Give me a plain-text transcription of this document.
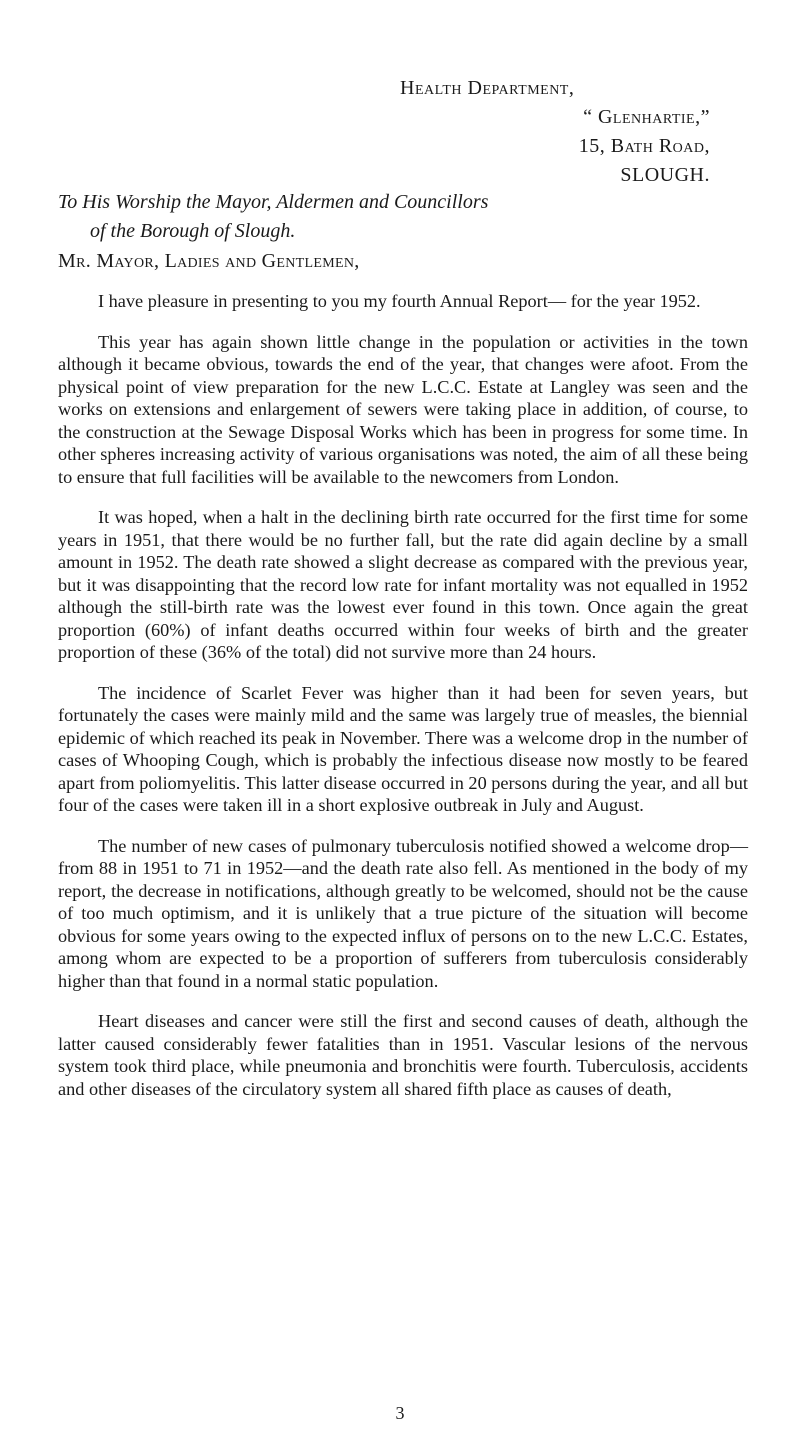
Health Department,
“ Glenhartie,”
15, Bath Road,
SLOUGH.
To His Worship the Mayor, Aldermen and Councillors
of the Borough of Slough.
Mr. Mayor, Ladies and Gentlemen,

I have pleasure in presenting to you my fourth Annual Report— for the year 1952.

This year has again shown little change in the population or activities in the town although it became obvious, towards the end of the year, that changes were afoot. From the physical point of view preparation for the new L.C.C. Estate at Langley was seen and the works on extensions and enlargement of sewers were taking place in addition, of course, to the construction at the Sewage Disposal Works which has been in progress for some time. In other spheres increasing activity of various organisations was noted, the aim of all these being to ensure that full facilities will be available to the newcomers from London.

It was hoped, when a halt in the declining birth rate occurred for the first time for some years in 1951, that there would be no further fall, but the rate did again decline by a small amount in 1952. The death rate showed a slight decrease as compared with the previous year, but it was disappointing that the record low rate for infant mortality was not equalled in 1952 although the still-birth rate was the lowest ever found in this town. Once again the great proportion (60%) of infant deaths occurred within four weeks of birth and the greater proportion of these (36% of the total) did not survive more than 24 hours.

The incidence of Scarlet Fever was higher than it had been for seven years, but fortunately the cases were mainly mild and the same was largely true of measles, the biennial epidemic of which reached its peak in November. There was a welcome drop in the number of cases of Whooping Cough, which is probably the infectious disease now mostly to be feared apart from poliomyelitis. This latter disease occurred in 20 persons during the year, and all but four of the cases were taken ill in a short explosive outbreak in July and August.

The number of new cases of pulmonary tuberculosis notified showed a welcome drop—from 88 in 1951 to 71 in 1952—and the death rate also fell. As mentioned in the body of my report, the decrease in notifications, although greatly to be welcomed, should not be the cause of too much optimism, and it is unlikely that a true picture of the situation will become obvious for some years owing to the expected influx of persons on to the new L.C.C. Estates, among whom are expected to be a proportion of sufferers from tuberculosis considerably higher than that found in a normal static population.

Heart diseases and cancer were still the first and second causes of death, although the latter caused considerably fewer fatalities than in 1951. Vascular lesions of the nervous system took third place, while pneumonia and bronchitis were fourth. Tuberculosis, accidents and other diseases of the circulatory system all shared fifth place as causes of death,

3
